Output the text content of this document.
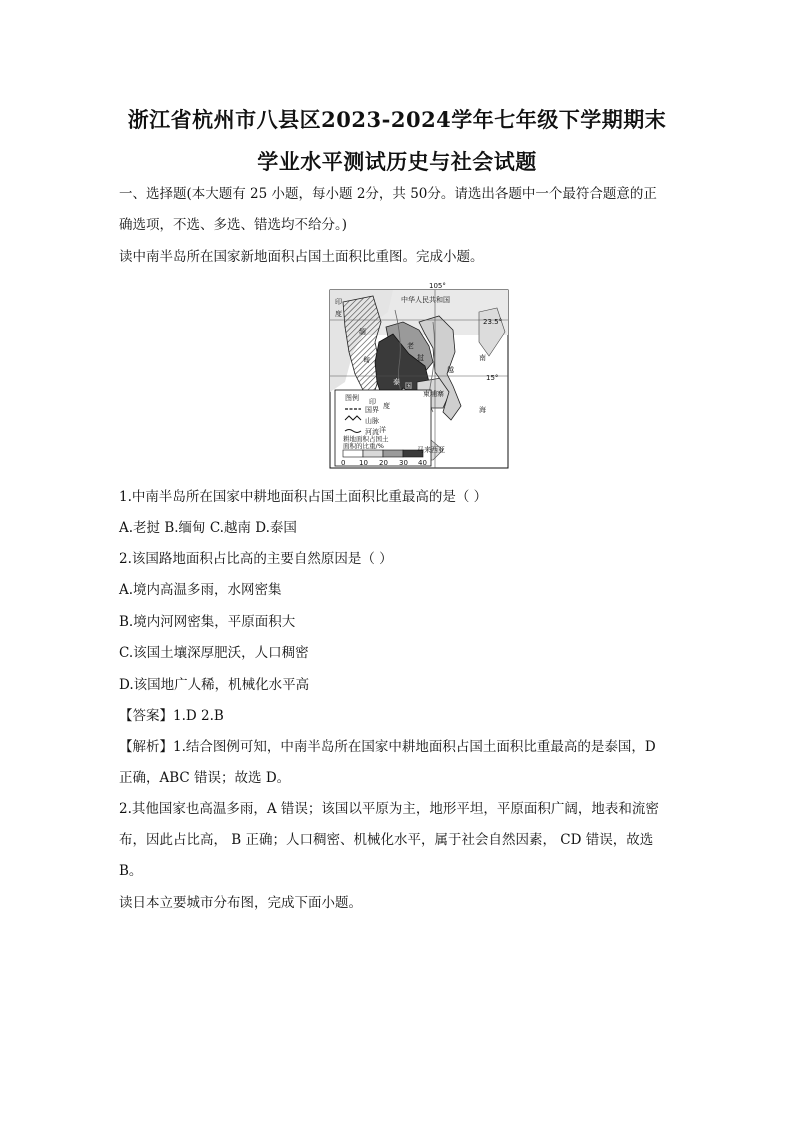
浙江省杭州市八县区2023-2024学年七年级下学期期末
学业水平测试历史与社会试题
一、选择题(本大题有 25 小题，每小题 2分，共 50分。请选出各题中一个最符合题意的正
确选项，不选、多选、错选均不给分。)
读中南半岛所在国家新地面积占国土面积比重图。完成小题。
105°
23.5°
15°
中华人民共和国
印
度
缅
甸
泰 国
老
挝
越
柬埔寨
印 度
洋
马来西亚
南
海
图例
国界
山脉
河流
耕地面积占国土
面积的比重/%
0 10 20 30 40
1.中南半岛所在国家中耕地面积占国土面积比重最高的是（ ）
A.老挝 B.缅甸 C.越南 D.泰国
2.该国路地面积占比高的主要自然原因是（ ）
A.境内高温多雨，水网密集
B.境内河网密集，平原面积大
C.该国土壤深厚肥沃，人口稠密
D.该国地广人稀，机械化水平高
【答案】1.D 2.B
【解析】1.结合图例可知，中南半岛所在国家中耕地面积占国土面积比重最高的是泰国，D
正确，ABC 错误；故选 D。
2.其他国家也高温多雨，A 错误；该国以平原为主，地形平坦，平原面积广阔，地表和流密
布，因此占比高， B 正确；人口稠密、机械化水平，属于社会自然因素， CD 错误，故选
B。
读日本立要城市分布图，完成下面小题。
